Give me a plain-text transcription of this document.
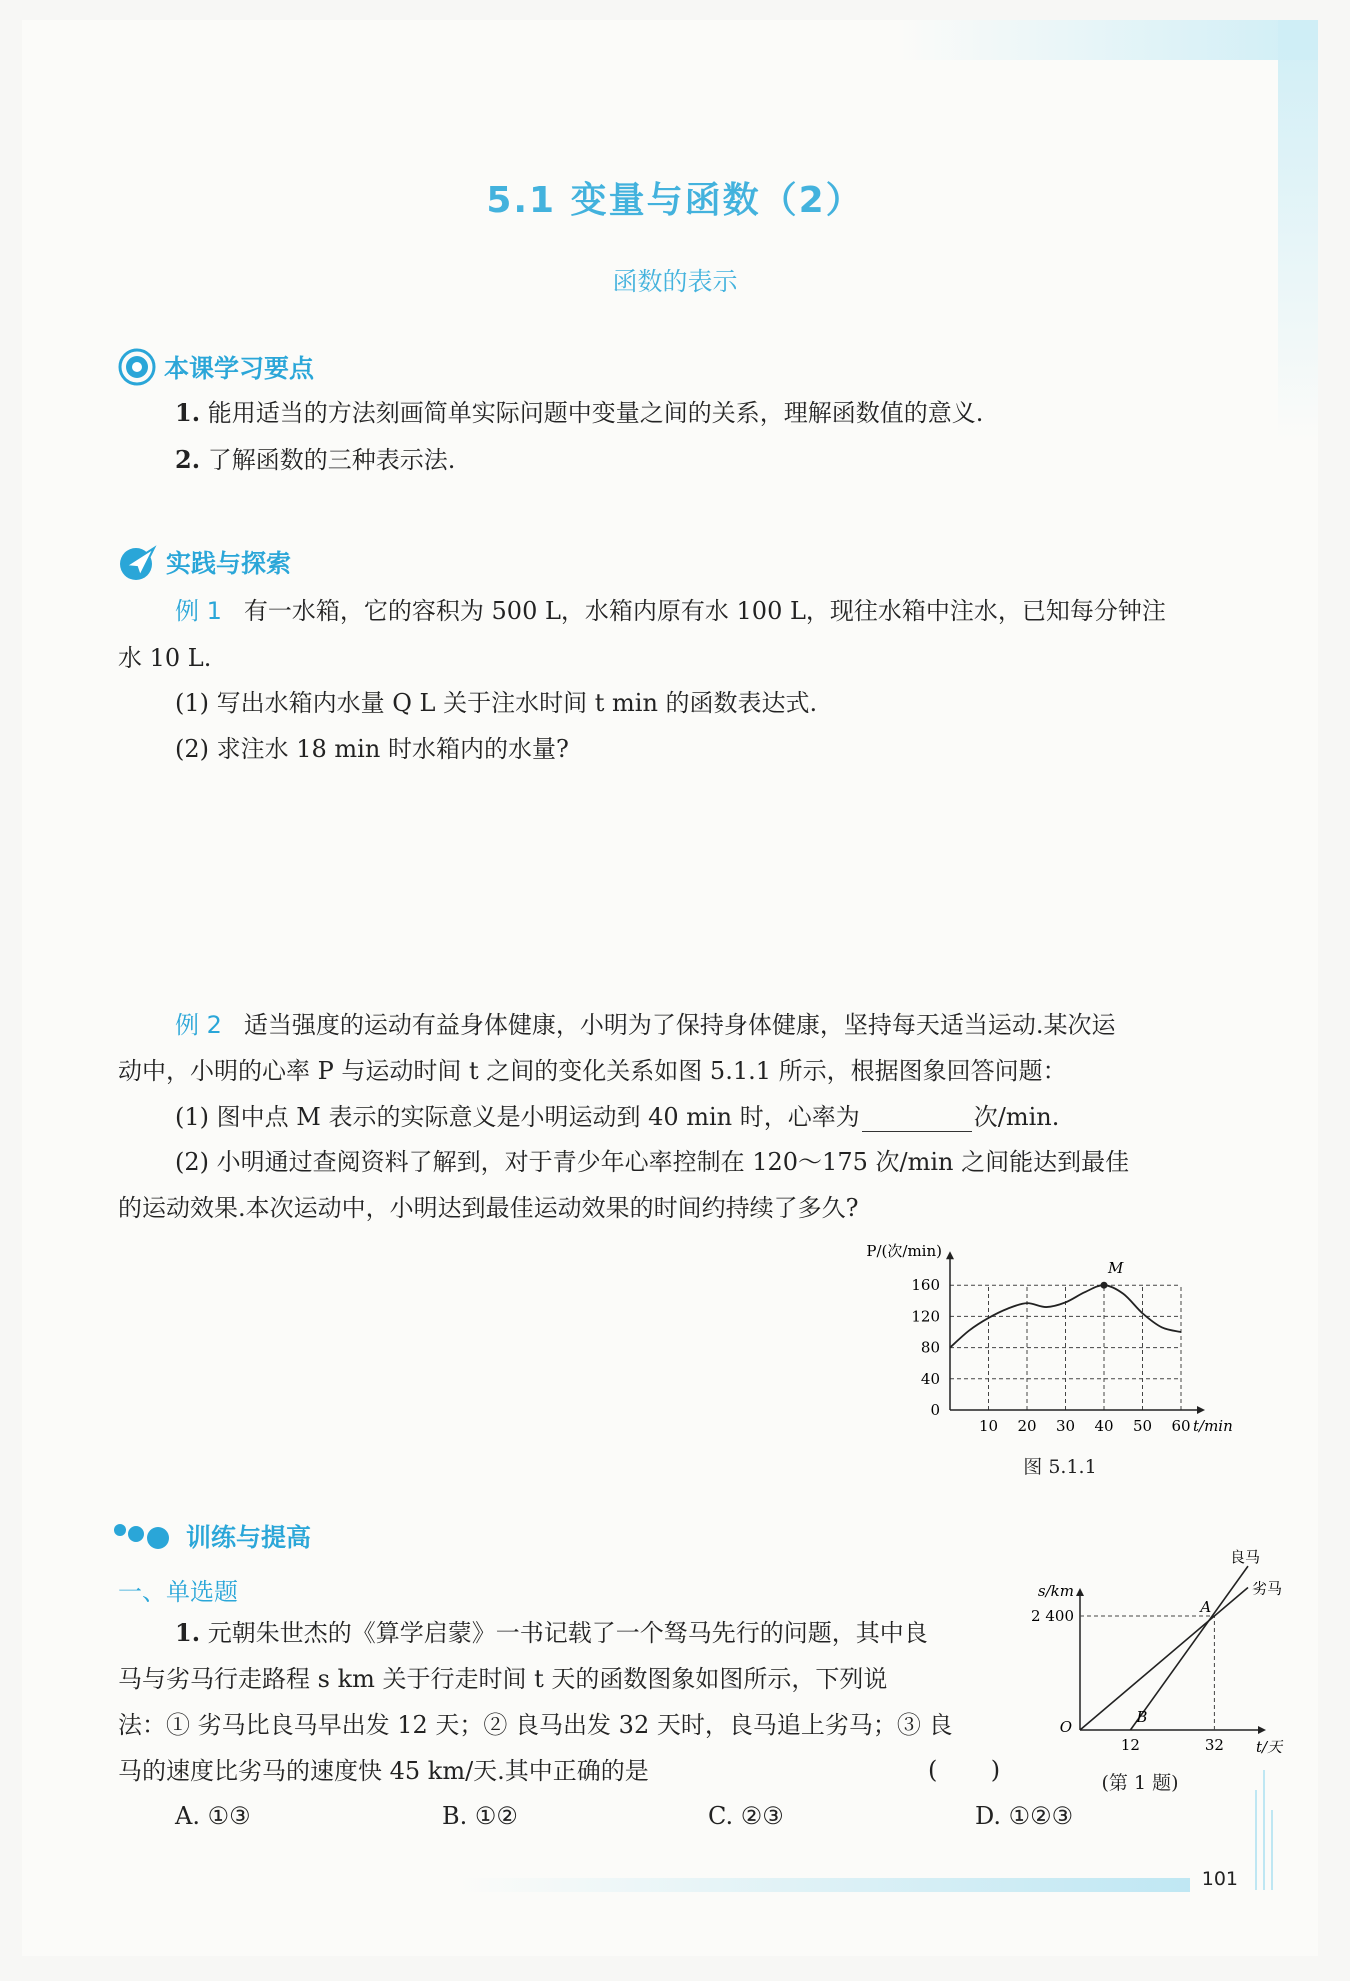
5.1 变量与函数（2）
函数的表示
本课学习要点
1. 能用适当的方法刻画简单实际问题中变量之间的关系，理解函数值的意义.
2. 了解函数的三种表示法.
实践与探索
例 1 有一水箱，它的容积为 500 L，水箱内原有水 100 L，现往水箱中注水，已知每分钟注
水 10 L.
(1) 写出水箱内水量 Q L 关于注水时间 t min 的函数表达式.
(2) 求注水 18 min 时水箱内的水量?
例 2 适当强度的运动有益身体健康，小明为了保持身体健康，坚持每天适当运动.某次运
动中，小明的心率 P 与运动时间 t 之间的变化关系如图 5.1.1 所示，根据图象回答问题：
(1) 图中点 M 表示的实际意义是小明运动到 40 min 时，心率为	次/min.
(2) 小明通过查阅资料了解到，对于青少年心率控制在 120～175 次/min 之间能达到最佳
的运动效果.本次运动中，小明达到最佳运动效果的时间约持续了多久?
10 20 30 40 50 60
0
40
80
120
160
t/min
P/(次/min)
M
图 5.1.1
训练与提高
一、单选题
1. 元朝朱世杰的《算学启蒙》一书记载了一个驽马先行的问题，其中良
马与劣马行走路程 s km 关于行走时间 t 天的函数图象如图所示，下列说
法：① 劣马比良马早出发 12 天；② 良马出发 32 天时，良马追上劣马；③ 良
马的速度比劣马的速度快 45 km/天.其中正确的是	(       )
A. ①③	B. ①②	C. ②③	D. ①②③
良马
劣马
12	32
2 400
O
t/天
s/km
A
B
(第 1 题)
101
